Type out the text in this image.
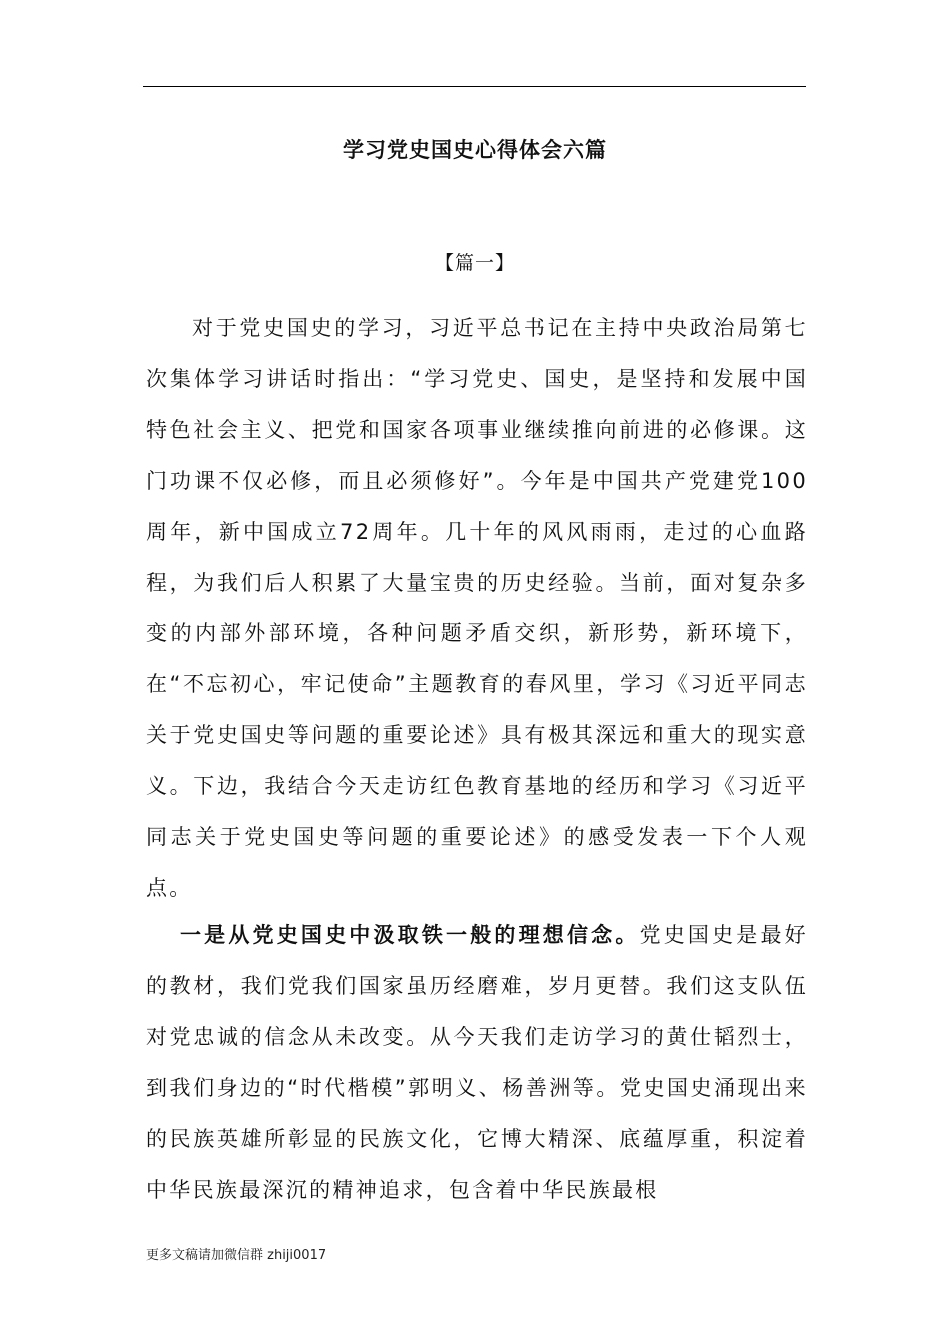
学习党史国史心得体会六篇
【篇一】

对于党史国史的学习，习近平总书记在主持中央政治局第七次集体学习讲话时指出：“学习党史、国史，是坚持和发展中国特色社会主义、把党和国家各项事业继续推向前进的必修课。这门功课不仅必修，而且必须修好”。今年是中国共产党建党100周年，新中国成立72周年。几十年的风风雨雨，走过的心血路程，为我们后人积累了大量宝贵的历史经验。当前，面对复杂多变的内部外部环境，各种问题矛盾交织，新形势，新环境下，在“不忘初心，牢记使命”主题教育的春风里，学习《习近平同志关于党史国史等问题的重要论述》具有极其深远和重大的现实意义。下边，我结合今天走访红色教育基地的经历和学习《习近平同志关于党史国史等问题的重要论述》的感受发表一下个人观点。

一是从党史国史中汲取铁一般的理想信念。党史国史是最好的教材，我们党我们国家虽历经磨难，岁月更替。我们这支队伍对党忠诚的信念从未改变。从今天我们走访学习的黄仕韬烈士，到我们身边的“时代楷模”郭明义、杨善洲等。党史国史涌现出来的民族英雄所彰显的民族文化，它博大精深、底蕴厚重，积淀着中华民族最深沉的精神追求，包含着中华民族最根

更多文稿请加微信群 zhiji0017
